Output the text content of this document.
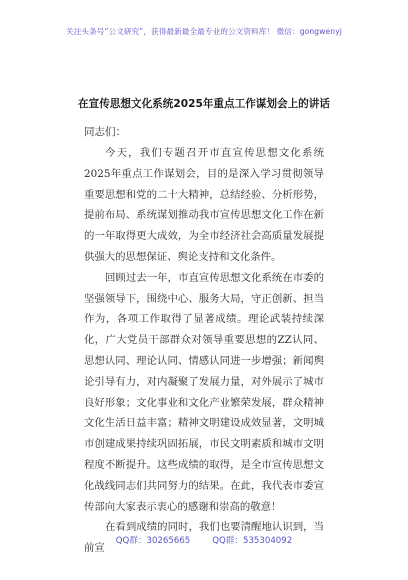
关注头条号“公文研究”，获得最新最全最专业的公文资料库！ 微信：gongwenyj
在宣传思想文化系统2025年重点工作谋划会上的讲话
同志们：

今天，我们专题召开市直宣传思想文化系统2025年重点工作谋划会，目的是深入学习贯彻领导重要思想和党的二十大精神，总结经验、分析形势，提前布局、系统谋划推动我市宣传思想文化工作在新的一年取得更大成效，为全市经济社会高质量发展提供强大的思想保证、舆论支持和文化条件。

回顾过去一年，市直宣传思想文化系统在市委的坚强领导下，围绕中心、服务大局，守正创新、担当作为，各项工作取得了显著成绩。理论武装持续深化，广大党员干部群众对领导重要思想的ZZ认同、思想认同、理论认同、情感认同进一步增强；新闻舆论引导有力，对内凝聚了发展力量，对外展示了城市良好形象；文化事业和文化产业繁荣发展，群众精神文化生活日益丰富；精神文明建设成效显著，文明城市创建成果持续巩固拓展，市民文明素质和城市文明程度不断提升。这些成绩的取得，是全市宣传思想文化战线同志们共同努力的结果。在此，我代表市委宣传部向大家表示衷心的感谢和崇高的敬意！

在看到成绩的同时，我们也要清醒地认识到，当前宣

QQ群：30265665	QQ群：535304092
